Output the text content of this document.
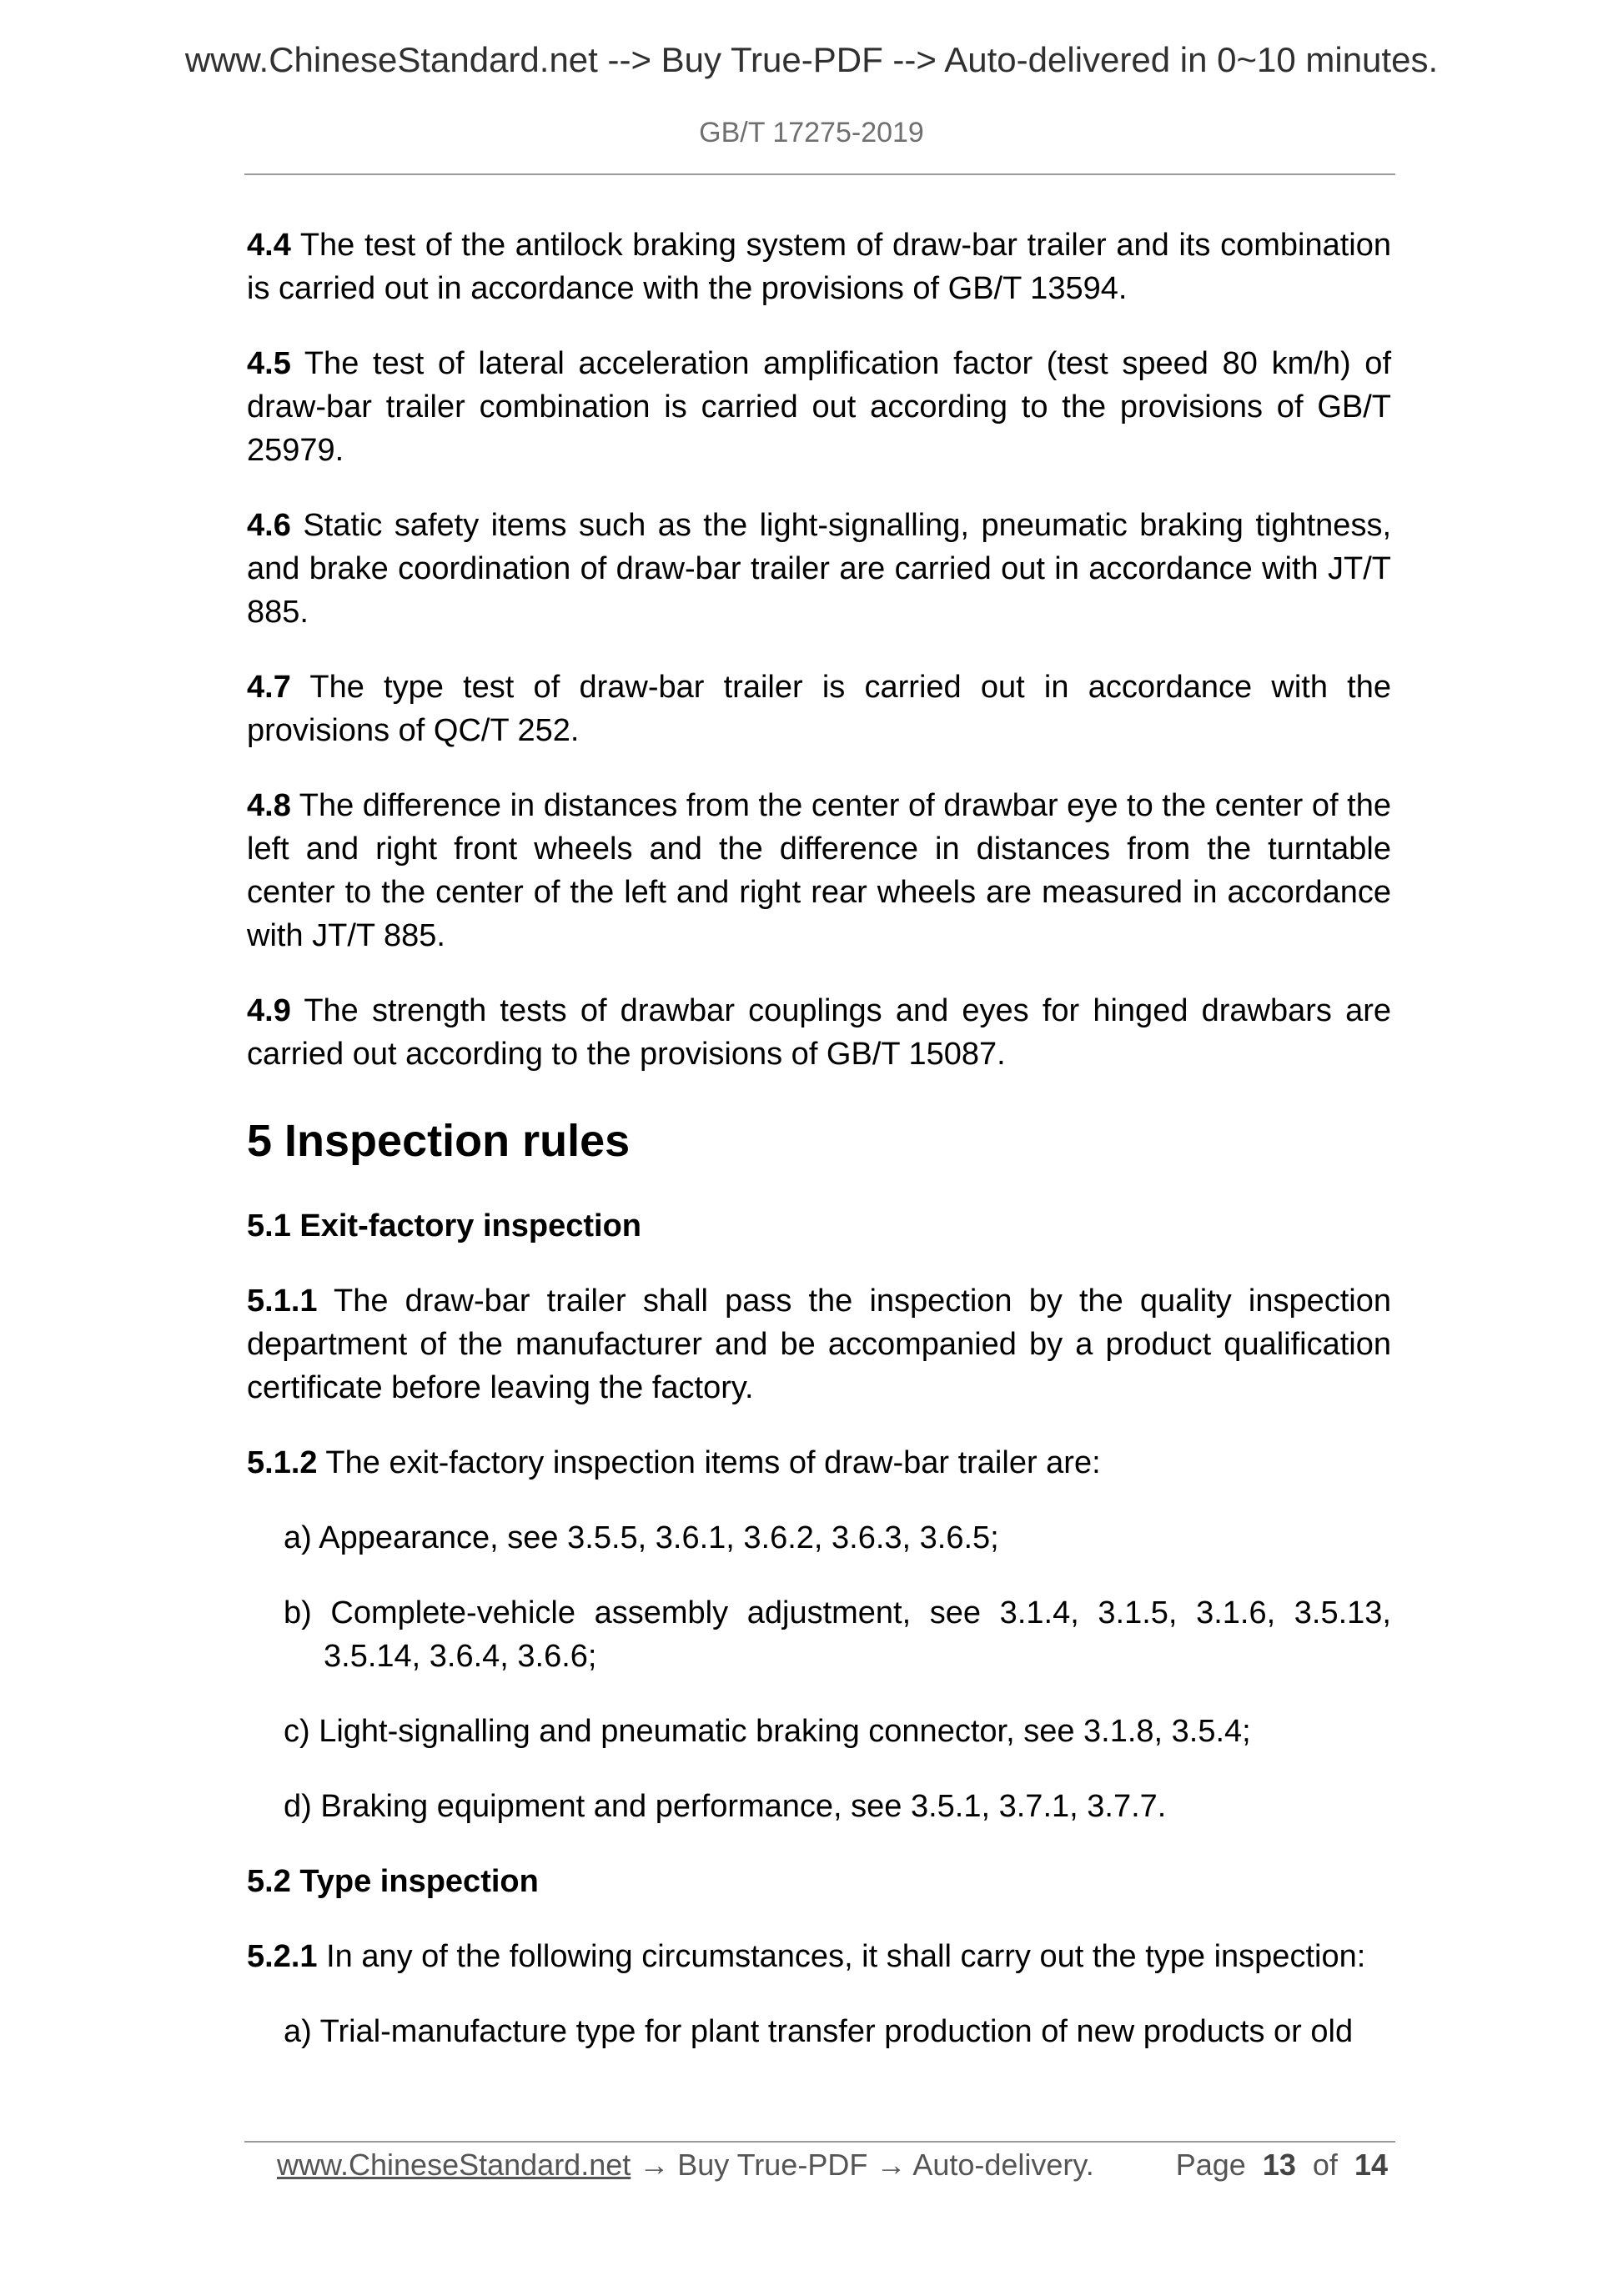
www.ChineseStandard.net --> Buy True-PDF --> Auto-delivered in 0~10 minutes.
GB/T 17275-2019

4.4 The test of the antilock braking system of draw-bar trailer and its combination is carried out in accordance with the provisions of GB/T 13594.

4.5 The test of lateral acceleration amplification factor (test speed 80 km/h) of draw-bar trailer combination is carried out according to the provisions of GB/T 25979.

4.6 Static safety items such as the light-signalling, pneumatic braking tightness, and brake coordination of draw-bar trailer are carried out in accordance with JT/T 885.

4.7 The type test of draw-bar trailer is carried out in accordance with the provisions of QC/T 252.

4.8 The difference in distances from the center of drawbar eye to the center of the left and right front wheels and the difference in distances from the turntable center to the center of the left and right rear wheels are measured in accordance with JT/T 885.

4.9 The strength tests of drawbar couplings and eyes for hinged drawbars are carried out according to the provisions of GB/T 15087.

5 Inspection rules
5.1 Exit-factory inspection

5.1.1 The draw-bar trailer shall pass the inspection by the quality inspection department of the manufacturer and be accompanied by a product qualification certificate before leaving the factory.

5.1.2 The exit-factory inspection items of draw-bar trailer are:

a) Appearance, see 3.5.5, 3.6.1, 3.6.2, 3.6.3, 3.6.5;
b) Complete-vehicle assembly adjustment, see 3.1.4, 3.1.5, 3.1.6, 3.5.13, 3.5.14, 3.6.4, 3.6.6;
c) Light-signalling and pneumatic braking connector, see 3.1.8, 3.5.4;
d) Braking equipment and performance, see 3.5.1, 3.7.1, 3.7.7.
5.2 Type inspection

5.2.1 In any of the following circumstances, it shall carry out the type inspection:

a) Trial-manufacture type for plant transfer production of new products or old
www.ChineseStandard.net → Buy True-PDF → Auto-delivery.	Page 13 of 14
